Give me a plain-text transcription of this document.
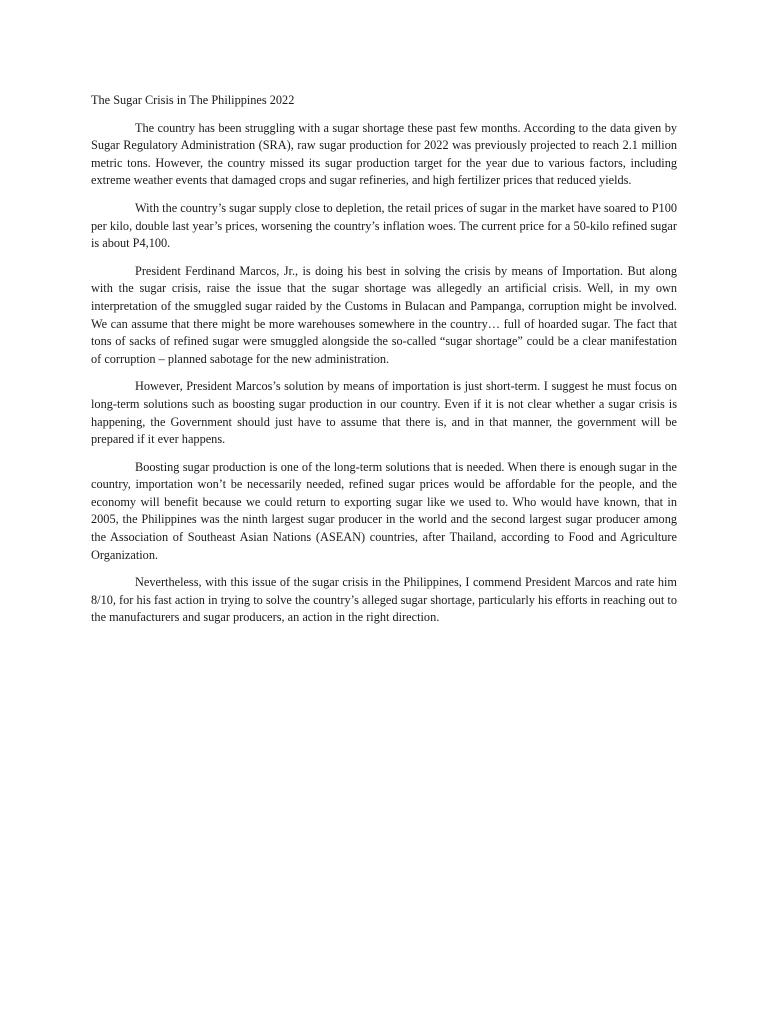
The Sugar Crisis in The Philippines 2022

The country has been struggling with a sugar shortage these past few months. According to the data given by Sugar Regulatory Administration (SRA), raw sugar production for 2022 was previously projected to reach 2.1 million metric tons. However, the country missed its sugar production target for the year due to various factors, including extreme weather events that damaged crops and sugar refineries, and high fertilizer prices that reduced yields.

With the country’s sugar supply close to depletion, the retail prices of sugar in the market have soared to P100 per kilo, double last year’s prices, worsening the country’s inflation woes. The current price for a 50-kilo refined sugar is about P4,100.

President Ferdinand Marcos, Jr., is doing his best in solving the crisis by means of Importation. But along with the sugar crisis, raise the issue that the sugar shortage was allegedly an artificial crisis. Well, in my own interpretation of the smuggled sugar raided by the Customs in Bulacan and Pampanga, corruption might be involved. We can assume that there might be more warehouses somewhere in the country… full of hoarded sugar. The fact that tons of sacks of refined sugar were smuggled alongside the so-called “sugar shortage” could be a clear manifestation of corruption – planned sabotage for the new administration.

However, President Marcos’s solution by means of importation is just short-term. I suggest he must focus on long-term solutions such as boosting sugar production in our country. Even if it is not clear whether a sugar crisis is happening, the Government should just have to assume that there is, and in that manner, the government will be prepared if it ever happens.

Boosting sugar production is one of the long-term solutions that is needed. When there is enough sugar in the country, importation won’t be necessarily needed, refined sugar prices would be affordable for the people, and the economy will benefit because we could return to exporting sugar like we used to. Who would have known, that in 2005, the Philippines was the ninth largest sugar producer in the world and the second largest sugar producer among the Association of Southeast Asian Nations (ASEAN) countries, after Thailand, according to Food and Agriculture Organization.

Nevertheless, with this issue of the sugar crisis in the Philippines, I commend President Marcos and rate him 8/10, for his fast action in trying to solve the country’s alleged sugar shortage, particularly his efforts in reaching out to the manufacturers and sugar producers, an action in the right direction.
